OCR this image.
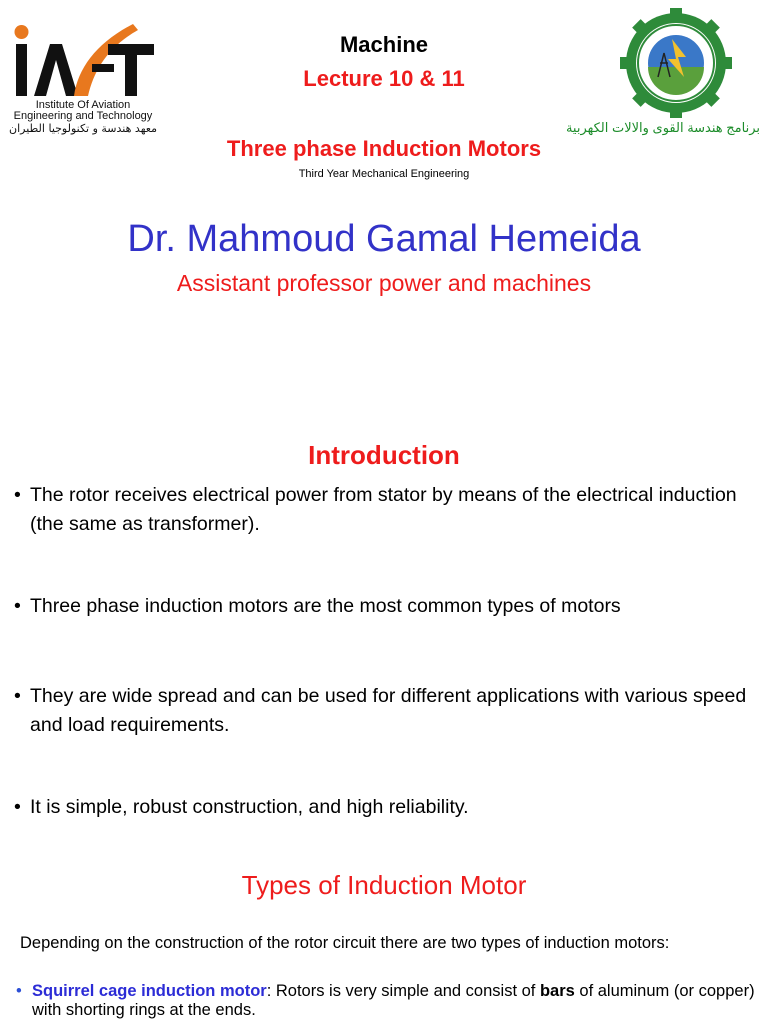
Institute Of Aviation
Engineering and Technology
معهد هندسة و تكنولوجيا الطيران	برنامج هندسة القوى والالات الكهربية
Machine
Lecture 10 & 11
Three phase Induction Motors
Third Year Mechanical Engineering
Dr. Mahmoud Gamal Hemeida
Assistant professor power and machines
Introduction
• The rotor receives electrical power from stator by means of the electrical induction (the same as transformer).
• Three phase induction motors are the most common types of motors
• They are wide spread and can be used for different applications with various speed and load requirements.
• It is simple, robust construction, and high reliability.
Types of Induction Motor
Depending on the construction of the rotor circuit there are two types of induction motors:
• Squirrel cage induction motor: Rotors is very simple and consist of bars of aluminum (or copper) with shorting rings at the ends.
